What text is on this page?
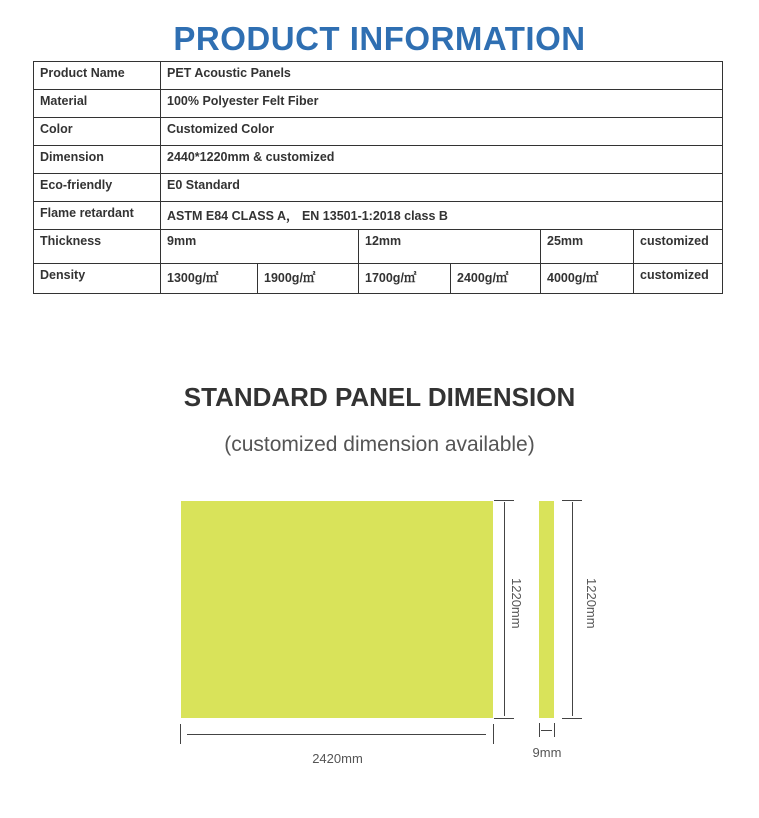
PRODUCT INFORMATION
Product Name	PET Acoustic Panels					
Material	100% Polyester Felt Fiber					
Color	Customized Color					
Dimension	2440*1220mm & customized					
Eco-friendly	E0 Standard					
Flame retardant	ASTM E84 CLASS A， EN 13501-1:2018 class B					
Thickness	9mm		12mm		25mm	customized
Density	1300g/㎡	1900g/㎡	1700g/㎡	2400g/㎡	4000g/㎡	customized
STANDARD PANEL DIMENSION
(customized dimension available)
2420mm
1220mm	1220mm
9mm
